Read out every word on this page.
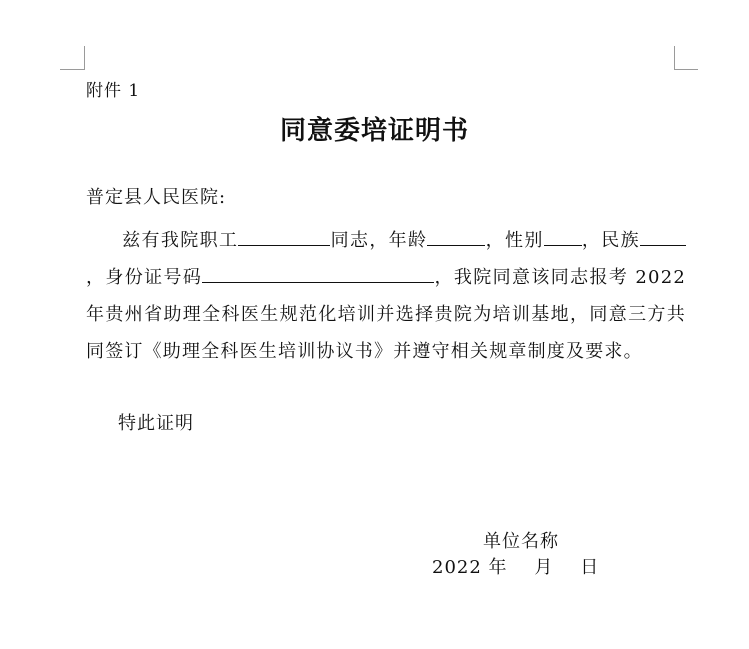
附件 1
同意委培证明书
普定县人民医院:
兹有我院职工	同志，年龄	，性别 ，民族，身份证号码	，我院同意该同志报考 2022 年贵州省助理全科医生规范化培训并选择贵院为培训基地，同意三方共同签订《助理全科医生培训协议书》并遵守相关规章制度及要求。
特此证明
单位名称
2022 年    月    日
